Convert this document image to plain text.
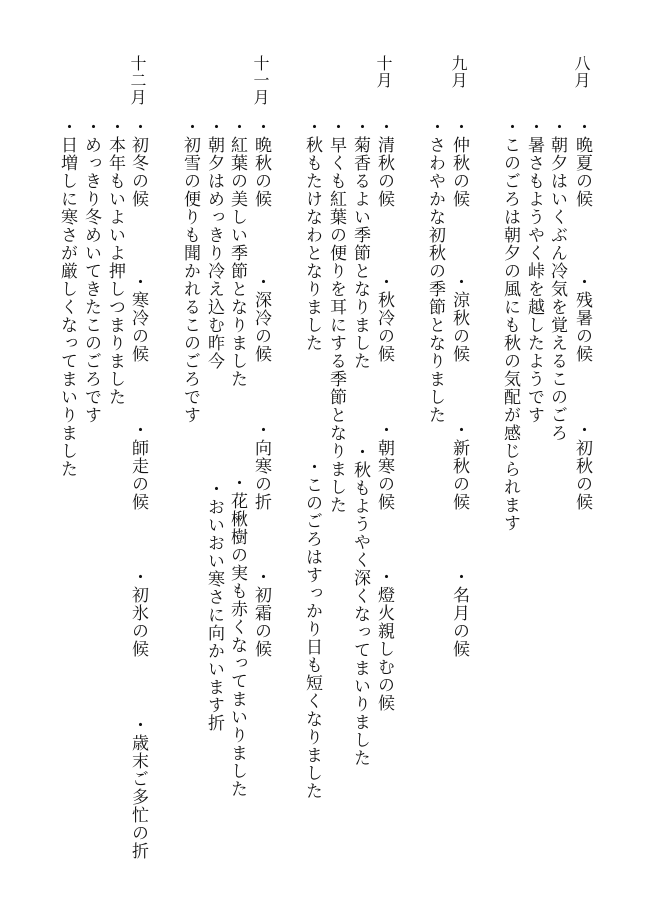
八月
・晩夏の候
・残暑の候
・初秋の候
・朝夕はいくぶん冷気を覚えるこのごろ
・暑さもようやく峠を越したようです
・このごろは朝夕の風にも秋の気配が感じられます
九月
・仲秋の候
・涼秋の候
・新秋の候
・名月の候
・さわやかな初秋の季節となりました
十月
・清秋の候
・秋冷の候
・朝寒の候
・燈火親しむの候
・菊香るよい季節となりました
・秋もようやく深くなってまいりました
・早くも紅葉の便りを耳にする季節となりました
・秋もたけなわとなりました
・このごろはすっかり日も短くなりました
十一月
・晩秋の候
・深冷の候
・向寒の折
・初霜の候
・紅葉の美しい季節となりました
・花楸樹の実も赤くなってまいりました
・朝夕はめっきり冷え込む昨今
・おいおい寒さに向かいます折
・初雪の便りも聞かれるこのごろです
十二月
・初冬の候
・寒冷の候
・師走の候
・初氷の候
・歳末ご多忙の折
・本年もいよいよ押しつまりました
・めっきり冬めいてきたこのごろです
・日増しに寒さが厳しくなってまいりました
